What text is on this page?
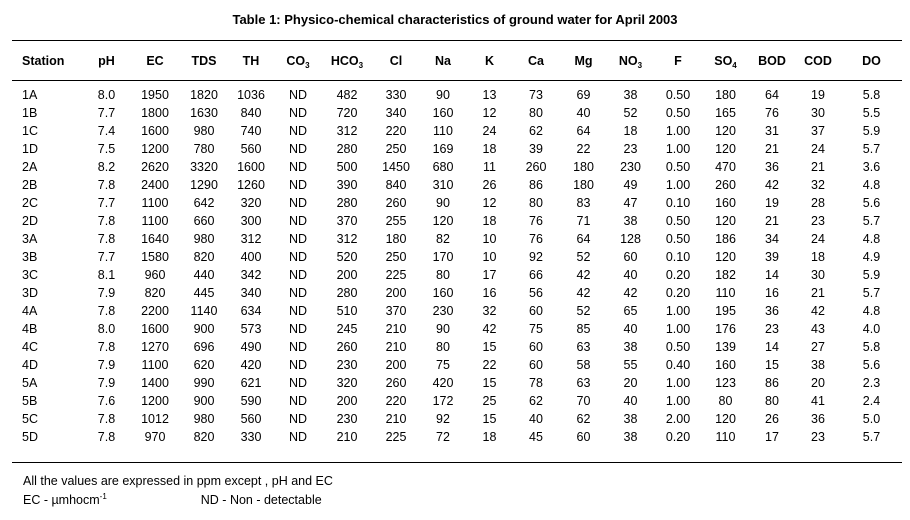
Table 1: Physico-chemical characteristics of ground water for April 2003
Station	pH	EC	TDS	TH	$CO_3$	$HCO_3$	Cl	Na	K	Ca	Mg	$NO_3$	F	$SO_4$	BOD	COD	DO
1A	8.0	1950	1820	1036	ND	482	330	90	13	73	69	38	0.50	180	64	19	5.8
1B	7.7	1800	1630	840	ND	720	340	160	12	80	40	52	0.50	165	76	30	5.5
1C	7.4	1600	980	740	ND	312	220	110	24	62	64	18	1.00	120	31	37	5.9
1D	7.5	1200	780	560	ND	280	250	169	18	39	22	23	1.00	120	21	24	5.7
2A	8.2	2620	3320	1600	ND	500	1450	680	11	260	180	230	0.50	470	36	21	3.6
2B	7.8	2400	1290	1260	ND	390	840	310	26	86	180	49	1.00	260	42	32	4.8
2C	7.7	1100	642	320	ND	280	260	90	12	80	83	47	0.10	160	19	28	5.6
2D	7.8	1100	660	300	ND	370	255	120	18	76	71	38	0.50	120	21	23	5.7
3A	7.8	1640	980	312	ND	312	180	82	10	76	64	128	0.50	186	34	24	4.8
3B	7.7	1580	820	400	ND	520	250	170	10	92	52	60	0.10	120	39	18	4.9
3C	8.1	960	440	342	ND	200	225	80	17	66	42	40	0.20	182	14	30	5.9
3D	7.9	820	445	340	ND	280	200	160	16	56	42	42	0.20	110	16	21	5.7
4A	7.8	2200	1140	634	ND	510	370	230	32	60	52	65	1.00	195	36	42	4.8
4B	8.0	1600	900	573	ND	245	210	90	42	75	85	40	1.00	176	23	43	4.0
4C	7.8	1270	696	490	ND	260	210	80	15	60	63	38	0.50	139	14	27	5.8
4D	7.9	1100	620	420	ND	230	200	75	22	60	58	55	0.40	160	15	38	5.6
5A	7.9	1400	990	621	ND	320	260	420	15	78	63	20	1.00	123	86	20	2.3
5B	7.6	1200	900	590	ND	200	220	172	25	62	70	40	1.00	80	80	41	2.4
5C	7.8	1012	980	560	ND	230	210	92	15	40	62	38	2.00	120	26	36	5.0
5D	7.8	970	820	330	ND	210	225	72	18	45	60	38	0.20	110	17	23	5.7
All the values are expressed in ppm except , pH and EC
EC - µmhocm$^{-1}$	ND - Non - detectable
